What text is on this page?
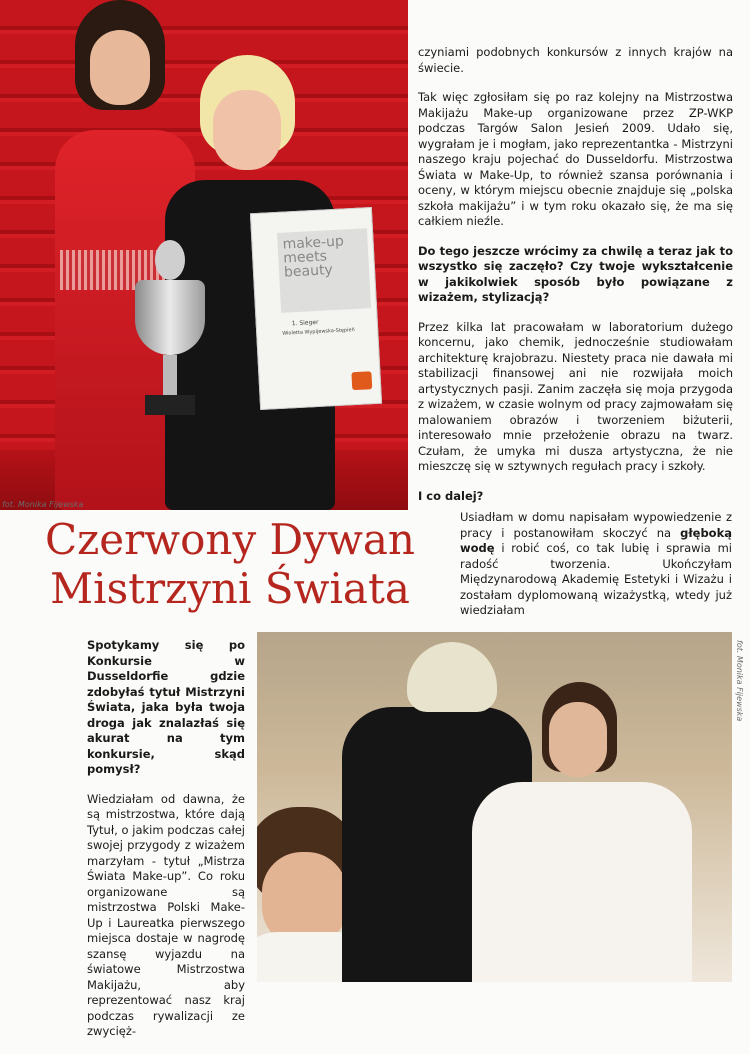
make-up meets beauty
1. Sieger
Wioletta Wypijewska-Stępień
fot. Monika Fijewska
Czerwony Dywan
Mistrzyni Świata

czyniami podobnych konkursów z innych krajów na świecie.

Tak więc zgłosiłam się po raz kolejny na Mistrzostwa Makijażu Make-up organizowane przez ZP-WKP podczas Targów Salon Jesień 2009. Udało się, wygrałam je i mogłam, jako reprezentantka - Mistrzyni naszego kraju pojechać do Dusseldorfu. Mistrzostwa Świata w Make-Up, to również szansa porównania i oceny, w którym miejscu obecnie znajduje się „polska szkoła makijażu” i w tym roku okazało się, że ma się całkiem nieźle.

Do tego jeszcze wrócimy za chwilę a teraz jak to wszystko się zaczęło? Czy twoje wykształcenie w jakikolwiek sposób było powiązane z wizażem, stylizacją?

Przez kilka lat pracowałam w laboratorium dużego koncernu, jako chemik, jednocześnie studiowałam architekturę krajobrazu. Niestety praca nie dawała mi stabilizacji finansowej ani nie rozwijała moich artystycznych pasji. Zanim zaczęła się moja przygoda z wizażem, w czasie wolnym od pracy zajmowałam się malowaniem obrazów i tworzeniem biżuterii, interesowało mnie przełożenie obrazu na twarz. Czułam, że umyka mi dusza artystyczna, że nie mieszczę się w sztywnych regułach pracy i szkoły.

I co dalej?

Usiadłam w domu napisałam wypowiedzenie z pracy i postanowiłam skoczyć na głęboką wodę i robić coś, co tak lubię i sprawia mi radość tworzenia. Ukończyłam Międzynarodową Akademię Estetyki i Wizażu i zostałam dyplomowaną wizażystką, wtedy już wiedziałam

Spotykamy się po Konkursie w Dusseldorfie gdzie zdobyłaś tytuł Mistrzyni Świata, jaka była twoja droga jak znalazłaś się akurat na tym konkursie, skąd pomysł?

Wiedziałam od dawna, że są mistrzostwa, które dają Tytuł, o jakim podczas całej swojej przygody z wizażem marzyłam - tytuł „Mistrza Świata Make-up”. Co roku organizowane są mistrzostwa Polski Make-Up i Laureatka pierwszego miejsca dostaje w nagrodę szansę wyjazdu na światowe Mistrzostwa Makijażu, aby reprezentować nasz kraj podczas rywalizacji ze zwycięż-

fot. Monika Fijewska
